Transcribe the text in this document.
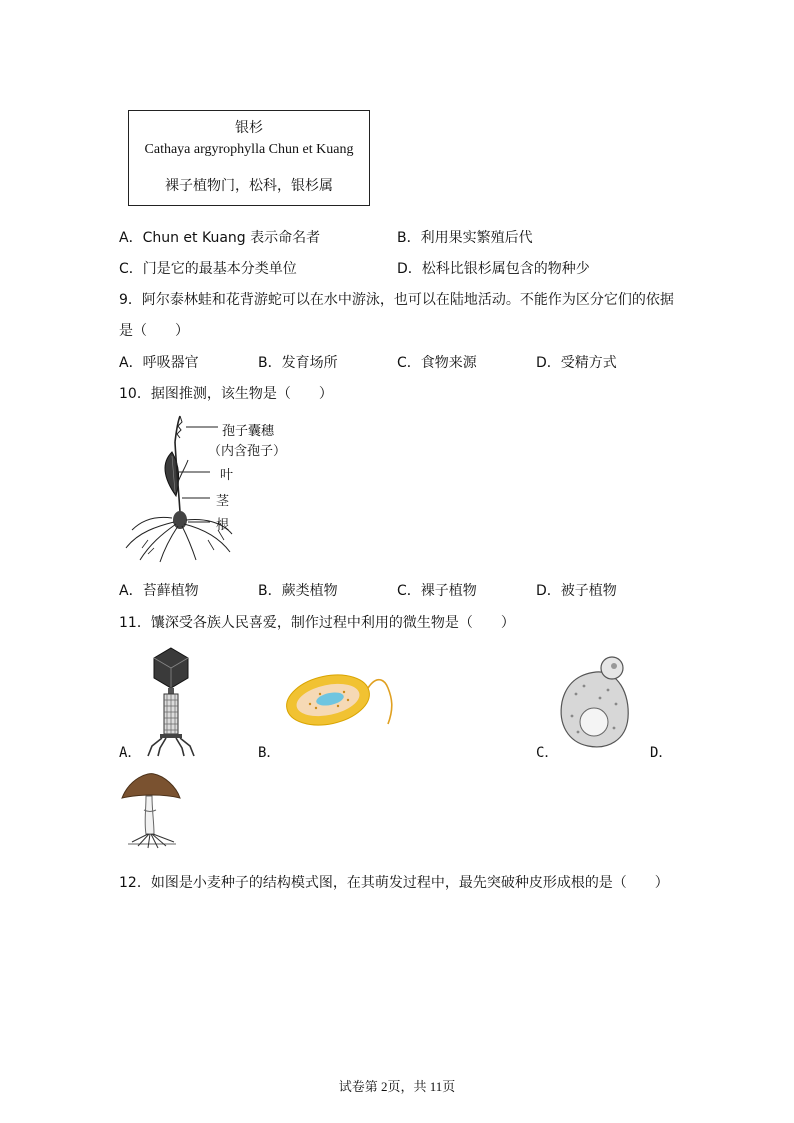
银杉
Cathaya argyrophylla Chun et Kuang
裸子植物门，松科，银杉属
A．Chun et Kuang 表示命名者	B．利用果实繁殖后代
C．门是它的最基本分类单位	D．松科比银杉属包含的物种少
9．阿尔泰林蛙和花背游蛇可以在水中游泳，也可以在陆地活动。不能作为区分它们的依据
是（　　）
A．呼吸器官	B．发育场所	C．食物来源	D．受精方式
10．据图推测，该生物是（　　）
孢子囊穗
（内含孢子）
叶
茎
根
A．苔藓植物	B．蕨类植物	C．裸子植物	D．被子植物
11．馕深受各族人民喜爱，制作过程中利用的微生物是（　　）
A．	B．	C．	D．
12．如图是小麦种子的结构模式图，在其萌发过程中，最先突破种皮形成根的是（　　）
试卷第 2页，共 11页
